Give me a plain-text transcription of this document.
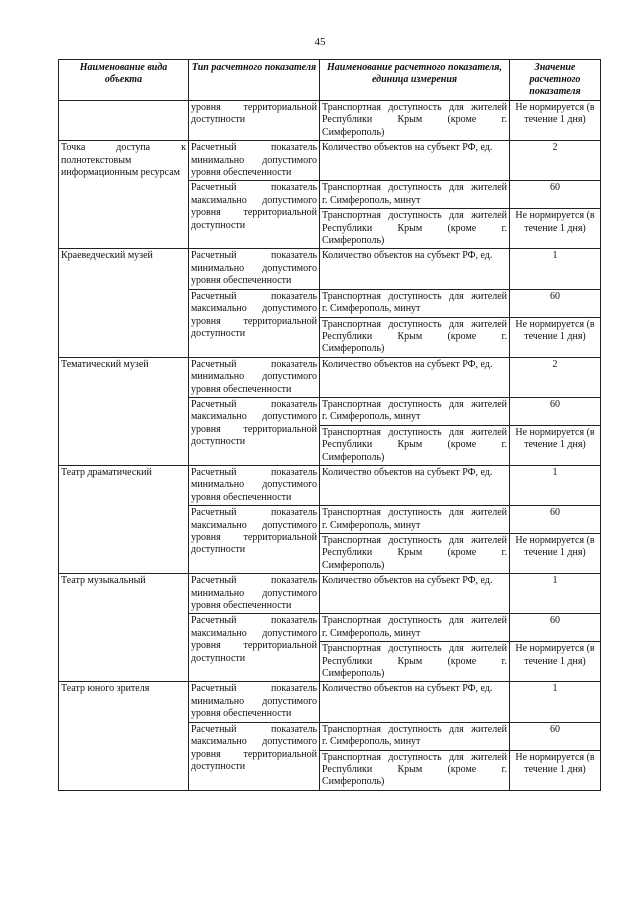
45
Наименование вида объекта	Тип расчетного показателя	Наименование расчетного показателя, единица измерения	Значение расчетного показателя

	уровня территориальной
доступности	Транспортная доступность для жителей
Республики Крым (кроме г.
Симферополь)	Не нормируется (в
течение 1 дня)

Точка доступа к
полнотекстовым
информационным ресурсам	Расчетный показатель
минимально допустимого
уровня обеспеченности	Количество объектов на субъект РФ, ед.	2

	Расчетный показатель
максимально допустимого
уровня территориальной
доступности	Транспортная доступность для жителей
г. Симферополь, минут	60

		Транспортная доступность для жителей
Республики Крым (кроме г.
Симферополь)	Не нормируется (в
течение 1 дня)

Краеведческий музей	Расчетный показатель
минимально допустимого
уровня обеспеченности	Количество объектов на субъект РФ, ед.	1

	Расчетный показатель
максимально допустимого
уровня территориальной
доступности	Транспортная доступность для жителей
г. Симферополь, минут	60

		Транспортная доступность для жителей
Республики Крым (кроме г.
Симферополь)	Не нормируется (в
течение 1 дня)

Тематический музей	Расчетный показатель
минимально допустимого
уровня обеспеченности	Количество объектов на субъект РФ, ед.	2

	Расчетный показатель
максимально допустимого
уровня территориальной
доступности	Транспортная доступность для жителей
г. Симферополь, минут	60

		Транспортная доступность для жителей
Республики Крым (кроме г.
Симферополь)	Не нормируется (в
течение 1 дня)

Театр драматический	Расчетный показатель
минимально допустимого
уровня обеспеченности	Количество объектов на субъект РФ, ед.	1

	Расчетный показатель
максимально допустимого
уровня территориальной
доступности	Транспортная доступность для жителей
г. Симферополь, минут	60

		Транспортная доступность для жителей
Республики Крым (кроме г.
Симферополь)	Не нормируется (в
течение 1 дня)

Театр музыкальный	Расчетный показатель
минимально допустимого
уровня обеспеченности	Количество объектов на субъект РФ, ед.	1

	Расчетный показатель
максимально допустимого
уровня территориальной
доступности	Транспортная доступность для жителей
г. Симферополь, минут	60

		Транспортная доступность для жителей
Республики Крым (кроме г.
Симферополь)	Не нормируется (в
течение 1 дня)

Театр юного зрителя	Расчетный показатель
минимально допустимого
уровня обеспеченности	Количество объектов на субъект РФ, ед.	1

	Расчетный показатель
максимально допустимого
уровня территориальной
доступности	Транспортная доступность для жителей
г. Симферополь, минут	60

		Транспортная доступность для жителей
Республики Крым (кроме г.
Симферополь)	Не нормируется (в
течение 1 дня)
